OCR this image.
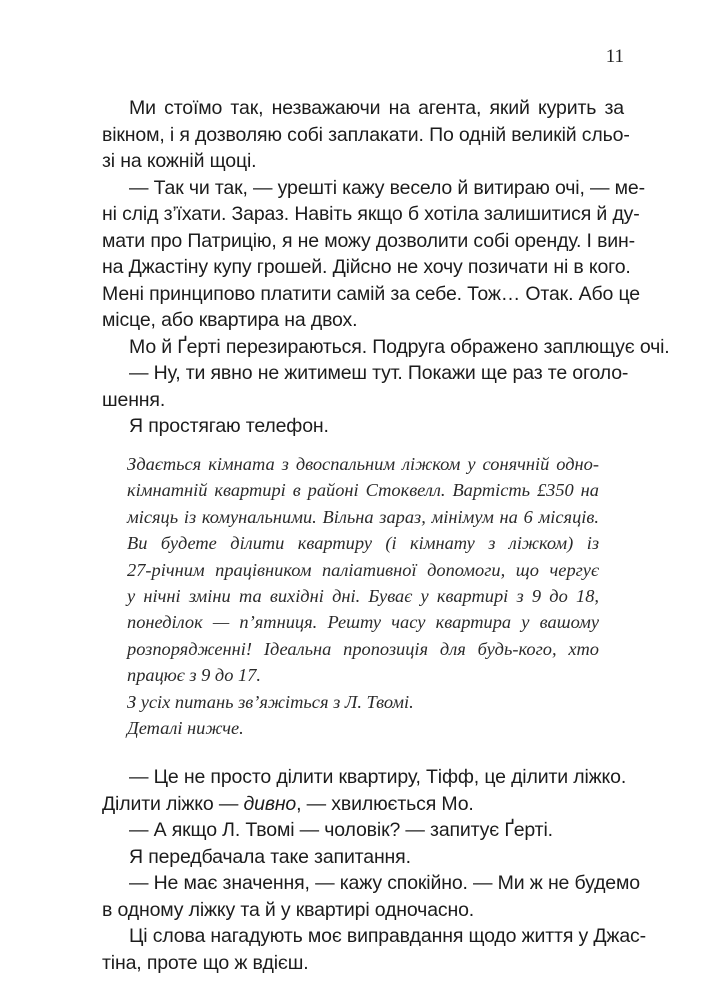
11
Ми стоїмо так, незважаючи на агента, який курить за
вікном, і я дозволяю собі заплакати. По одній великій сльо-
зі на кожній щоці.
— Так чи так, — урешті кажу весело й витираю очі, — ме-
ні слід з’їхати. Зараз. Навіть якщо б хотіла залишитися й ду-
мати про Патрицію, я не можу дозволити собі оренду. І вин-
на Джастіну купу грошей. Дійсно не хочу позичати ні в кого.
Мені принципово платити самій за себе. Тож… Отак. Або це
місце, або квартира на двох.
Мо й Ґерті перезираються. Подруга ображено заплющує очі.
— Ну, ти явно не житимеш тут. Покажи ще раз те оголо-
шення.
Я простягаю телефон.
Здається кімната з двоспальним ліжком у сонячній одно-
кімнатній квартирі в районі Стоквелл. Вартість £350 на
місяць із комунальними. Вільна зараз, мінімум на 6 місяців.
Ви будете ділити квартиру (і кімнату з ліжком) із
27-річним працівником паліативної допомоги, що чергує
у нічні зміни та вихідні дні. Буває у квартирі з 9 до 18,
понеділок — п’ятниця. Решту часу квартира у вашому
розпорядженні! Ідеальна пропозиція для будь-кого, хто
працює з 9 до 17.
З усіх питань зв’яжіться з Л. Твомі.
Деталі нижче.
— Це не просто ділити квартиру, Тіфф, це ділити ліжко.
Ділити ліжко — дивно, — хвилюється Мо.
— А якщо Л. Твомі — чоловік? — запитує Ґерті.
Я передбачала таке запитання.
— Не має значення, — кажу спокійно. — Ми ж не будемо
в одному ліжку та й у квартирі одночасно.
Ці слова нагадують моє виправдання щодо життя у Джас-
тіна, проте що ж вдієш.
